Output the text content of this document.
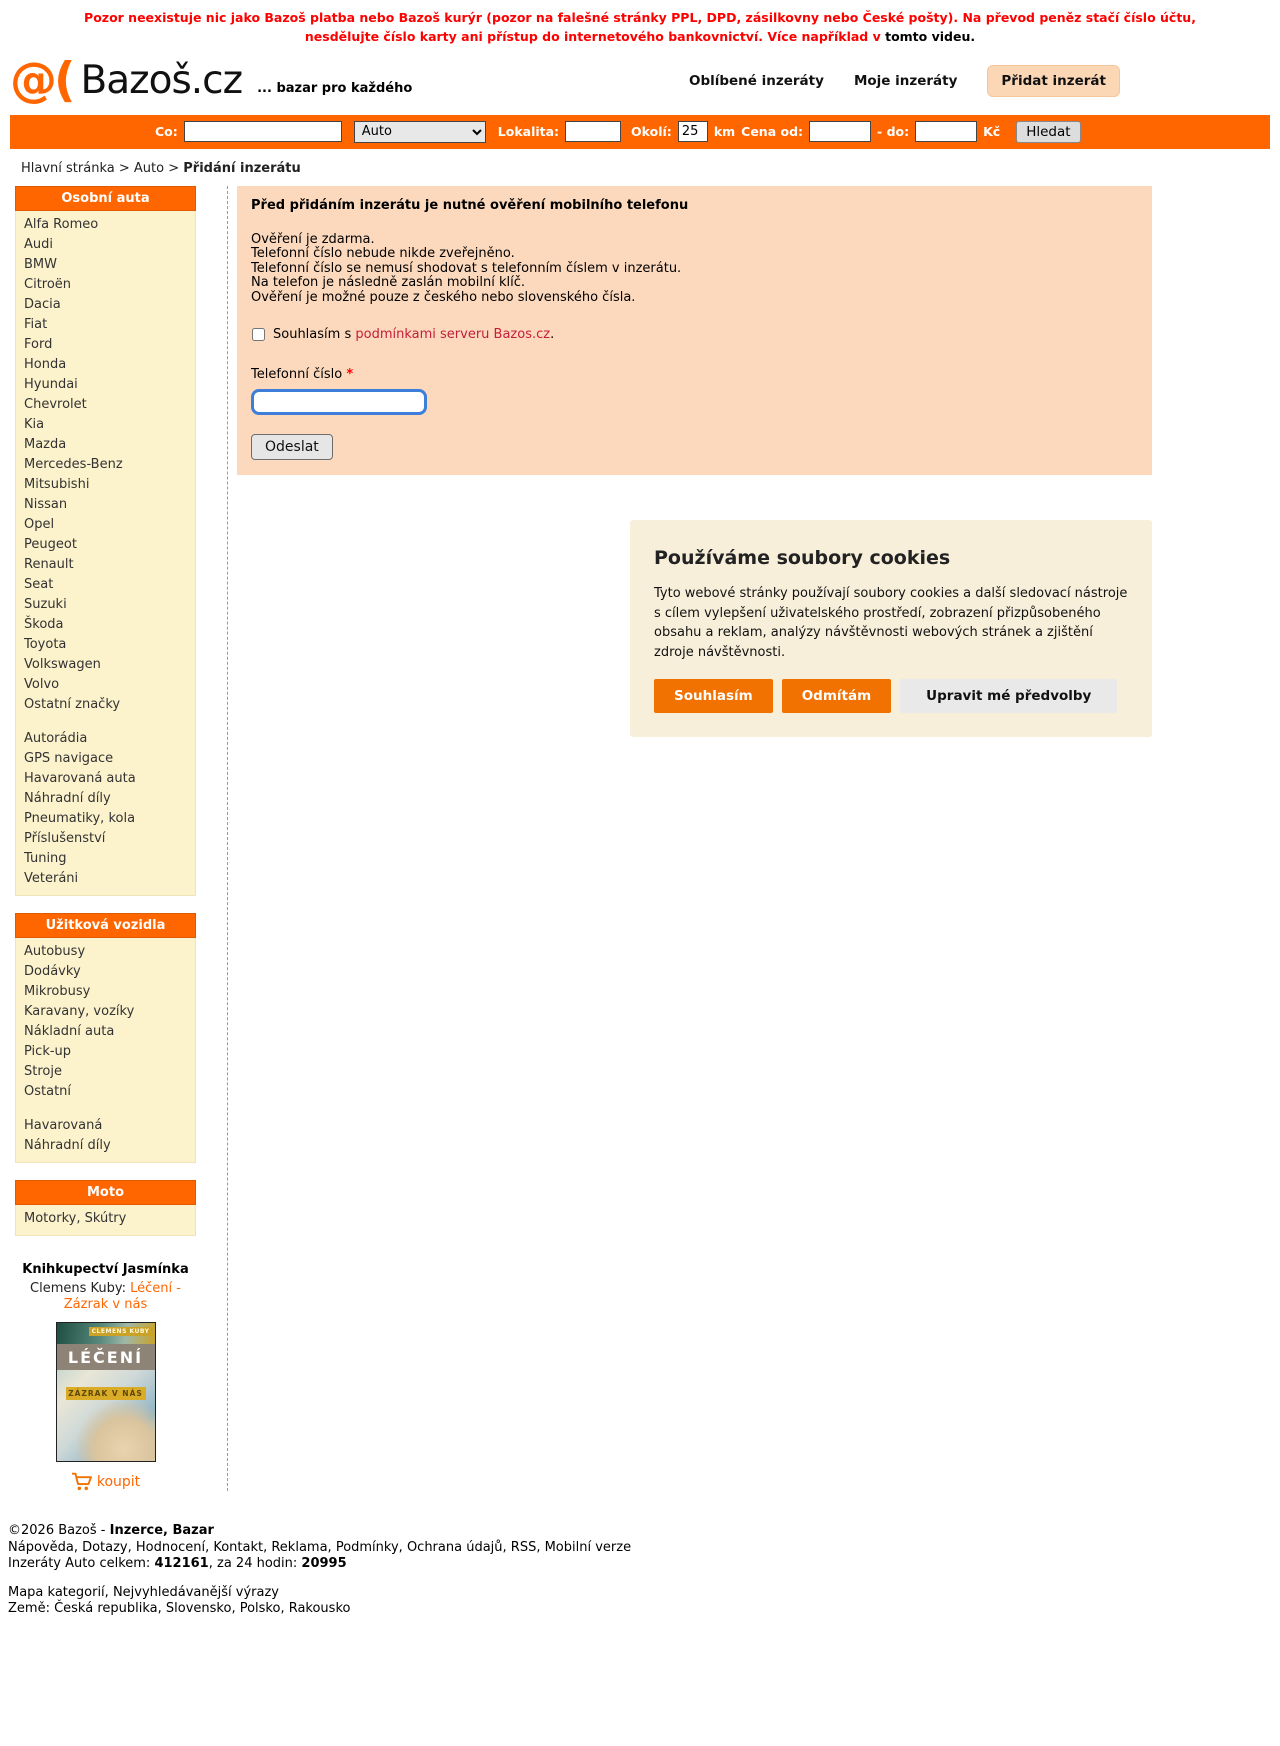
Pozor neexistuje nic jako Bazoš platba nebo Bazoš kurýr (pozor na falešné stránky PPL, DPD, zásilkovny nebo České pošty). Na převod peněz stačí číslo účtu, nesdělujte číslo karty ani přístup do internetového bankovnictví. Více například v tomto videu.
@( Bazoš.cz ... bazar pro každého	Oblíbené inzeráty Moje inzeráty	Přidat inzerát
Co:
Auto	Lokalita:	Okolí:
25	km Cena od:	- do:	Kč	Hledat
Hlavní stránka > Auto > Přidání inzerátu
Osobní auta
Alfa Romeo
Audi
BMW
Citroën
Dacia
Fiat
Ford
Honda
Hyundai
Chevrolet
Kia
Mazda
Mercedes-Benz
Mitsubishi
Nissan
Opel
Peugeot
Renault
Seat
Suzuki
Škoda
Toyota
Volkswagen
Volvo
Ostatní značky
Autorádia
GPS navigace
Havarovaná auta
Náhradní díly
Pneumatiky, kola
Příslušenství
Tuning
Veteráni
Užitková vozidla
Autobusy
Dodávky
Mikrobusy
Karavany, vozíky
Nákladní auta
Pick-up
Stroje
Ostatní
Havarovaná
Náhradní díly
Moto
Motorky, Skútry
Knihkupectví Jasmínka
Clemens Kuby: Léčení - Zázrak v nás
CLEMENS KUBY
LÉČENÍ
ZÁZRAK V NÁS
koupit
Před přidáním inzerátu je nutné ověření mobilního telefonu
Ověření je zdarma.
Telefonní číslo nebude nikde zveřejněno.
Telefonní číslo se nemusí shodovat s telefonním číslem v inzerátu.
Na telefon je následně zaslán mobilní klíč.
Ověření je možné pouze z českého nebo slovenského čísla.
Souhlasím s podmínkami serveru Bazos.cz.
Telefonní číslo *
Odeslat
Používáme soubory cookies
Tyto webové stránky používají soubory cookies a další sledovací nástroje s cílem vylepšení uživatelského prostředí, zobrazení přizpůsobeného obsahu a reklam, analýzy návštěvnosti webových stránek a zjištění zdroje návštěvnosti.
Souhlasím	Odmítám	Upravit mé předvolby
©2026 Bazoš - Inzerce, Bazar
Nápověda , Dotazy , Hodnocení , Kontakt , Reklama , Podmínky , Ochrana údajů , RSS , Mobilní verze
Inzeráty Auto celkem: 412161, za 24 hodin: 20995
Mapa kategorií , Nejvyhledávanější výrazy
Země: Česká republika , Slovensko , Polsko , Rakousko
